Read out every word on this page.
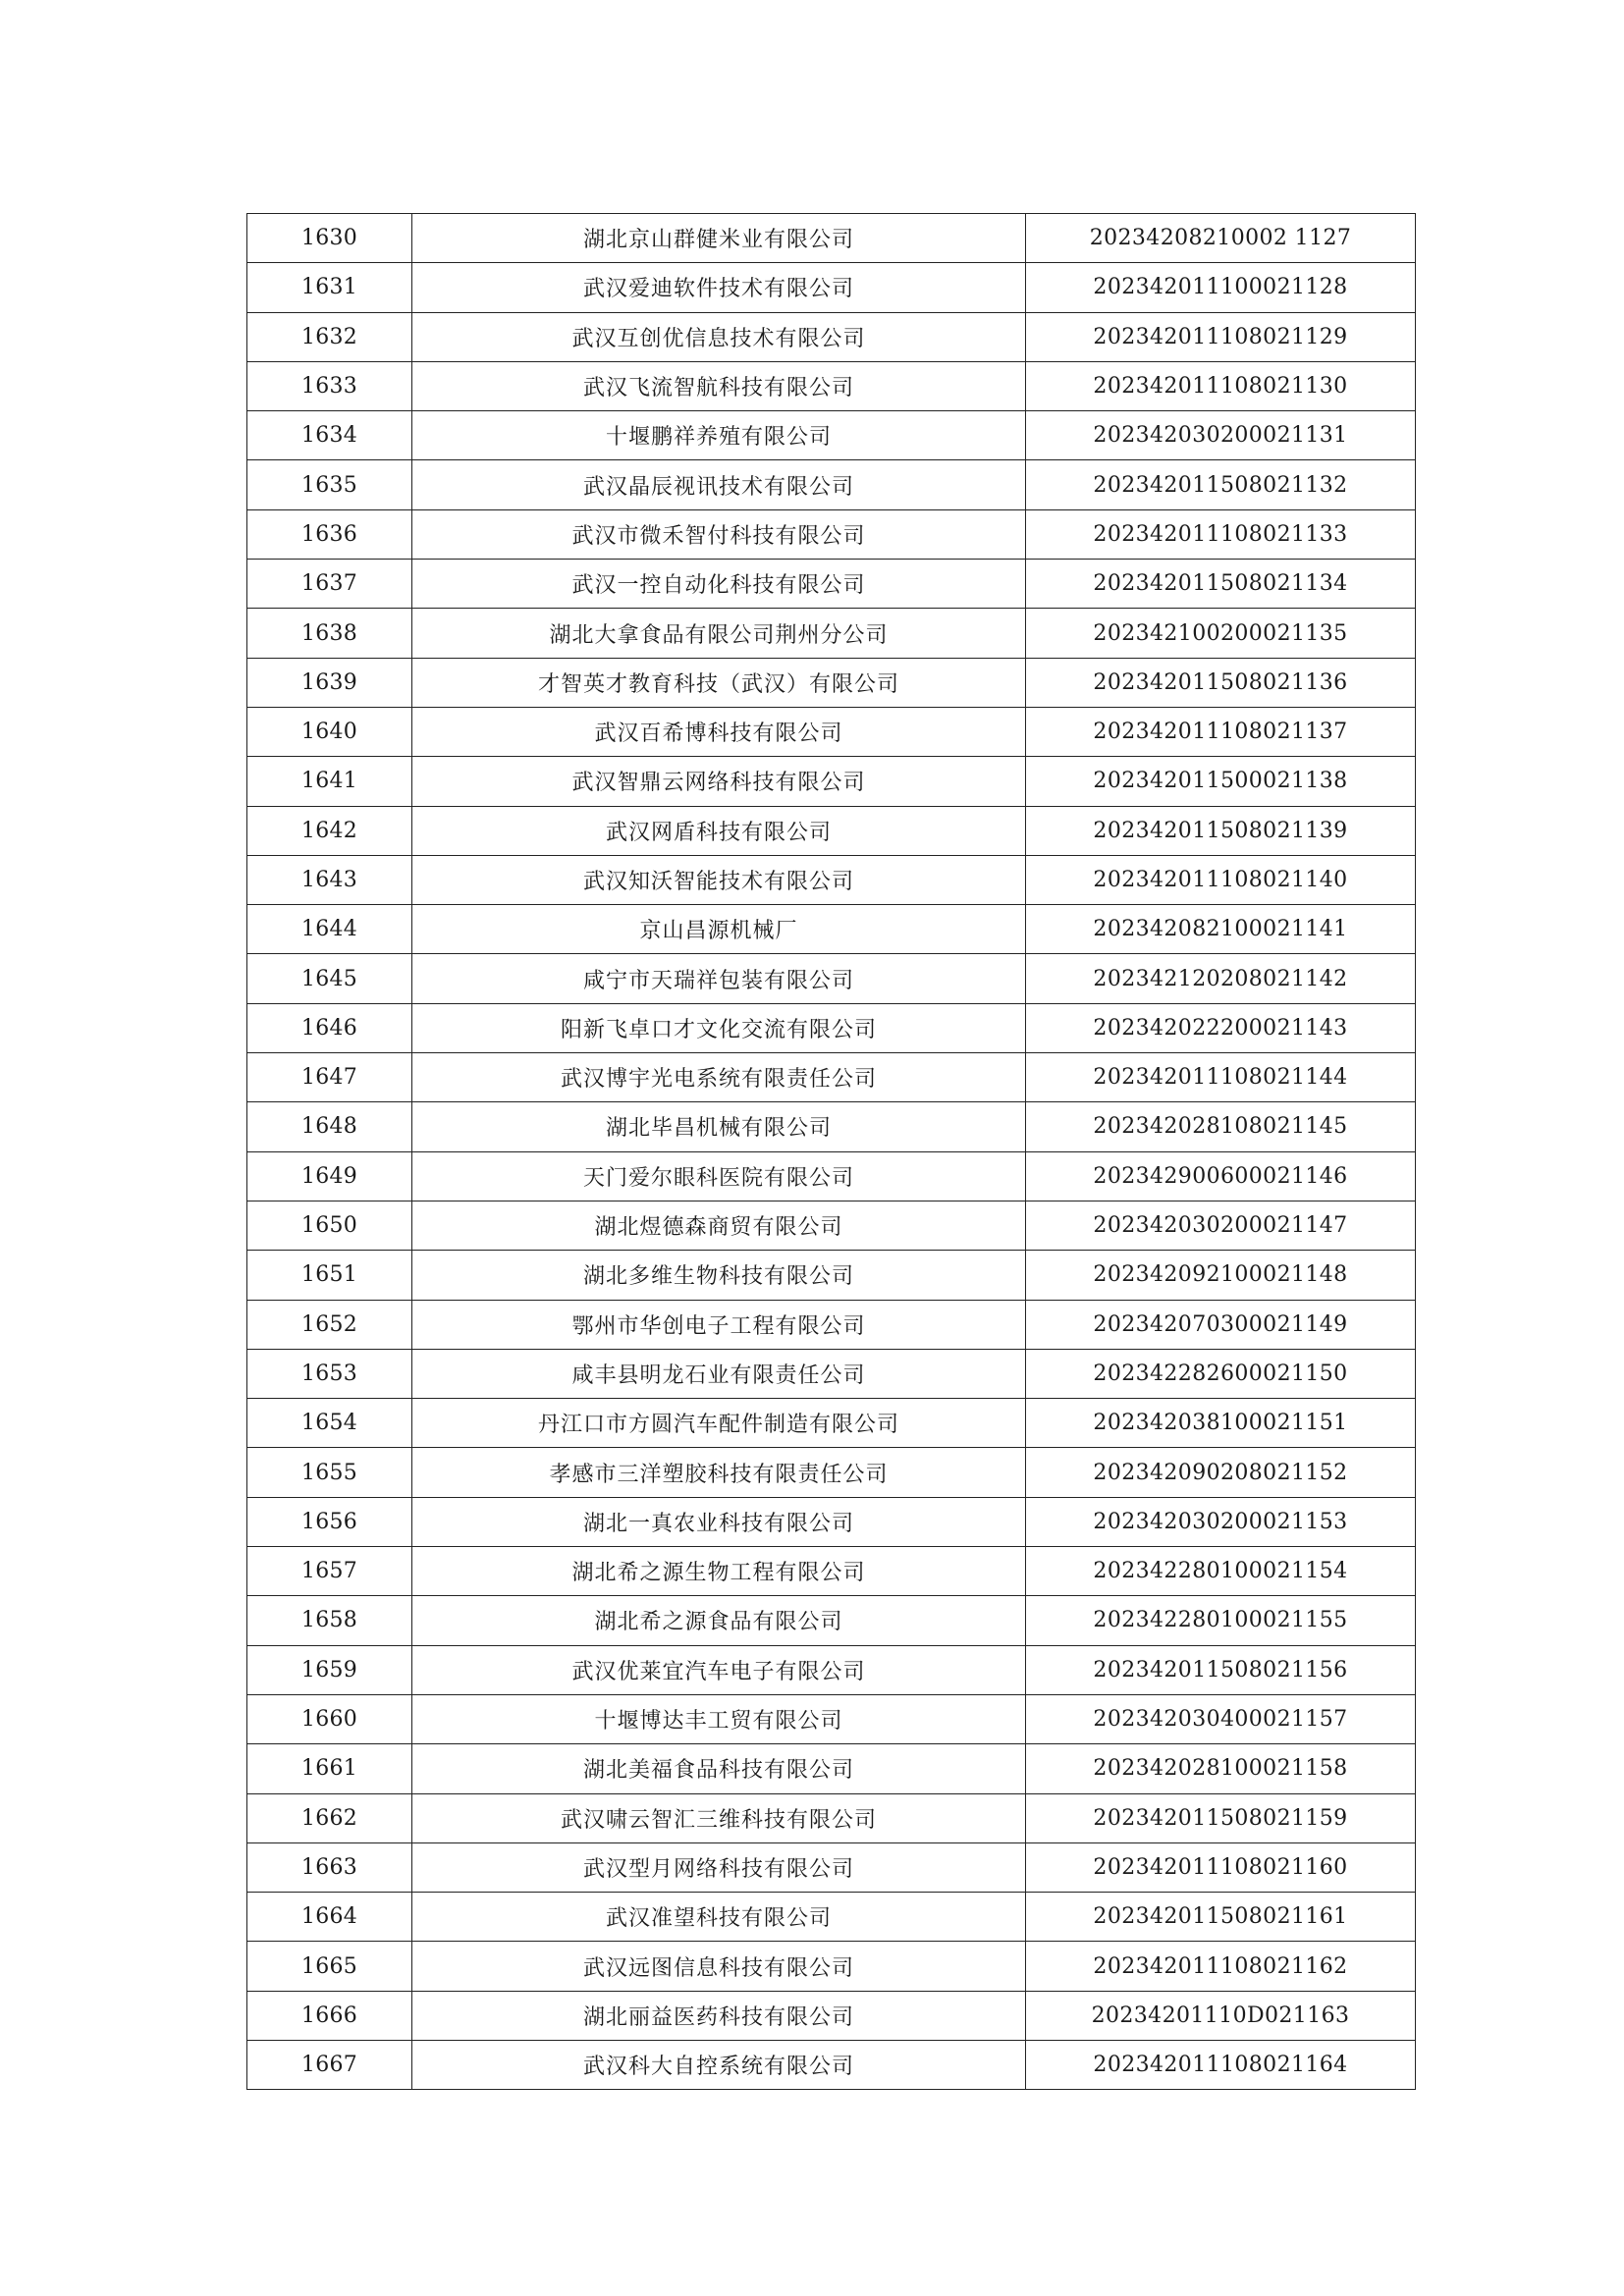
1630	湖北京山群健米业有限公司	20234208210002 1127
1631	武汉爱迪软件技术有限公司	202342011100021128
1632	武汉互创优信息技术有限公司	202342011108021129
1633	武汉飞流智航科技有限公司	202342011108021130
1634	十堰鹏祥养殖有限公司	202342030200021131
1635	武汉晶辰视讯技术有限公司	202342011508021132
1636	武汉市微禾智付科技有限公司	202342011108021133
1637	武汉一控自动化科技有限公司	202342011508021134
1638	湖北大拿食品有限公司荆州分公司	202342100200021135
1639	才智英才教育科技（武汉）有限公司	202342011508021136
1640	武汉百希博科技有限公司	202342011108021137
1641	武汉智鼎云网络科技有限公司	202342011500021138
1642	武汉网盾科技有限公司	202342011508021139
1643	武汉知沃智能技术有限公司	202342011108021140
1644	京山昌源机械厂	202342082100021141
1645	咸宁市天瑞祥包装有限公司	202342120208021142
1646	阳新飞卓口才文化交流有限公司	202342022200021143
1647	武汉博宇光电系统有限责任公司	202342011108021144
1648	湖北毕昌机械有限公司	202342028108021145
1649	天门爱尔眼科医院有限公司	202342900600021146
1650	湖北煜德森商贸有限公司	202342030200021147
1651	湖北多维生物科技有限公司	202342092100021148
1652	鄂州市华创电子工程有限公司	202342070300021149
1653	咸丰县明龙石业有限责任公司	202342282600021150
1654	丹江口市方圆汽车配件制造有限公司	202342038100021151
1655	孝感市三洋塑胶科技有限责任公司	202342090208021152
1656	湖北一真农业科技有限公司	202342030200021153
1657	湖北希之源生物工程有限公司	202342280100021154
1658	湖北希之源食品有限公司	202342280100021155
1659	武汉优莱宜汽车电子有限公司	202342011508021156
1660	十堰博达丰工贸有限公司	202342030400021157
1661	湖北美福食品科技有限公司	202342028100021158
1662	武汉啸云智汇三维科技有限公司	202342011508021159
1663	武汉型月网络科技有限公司	202342011108021160
1664	武汉准望科技有限公司	202342011508021161
1665	武汉远图信息科技有限公司	202342011108021162
1666	湖北丽益医药科技有限公司	20234201110D021163
1667	武汉科大自控系统有限公司	202342011108021164
